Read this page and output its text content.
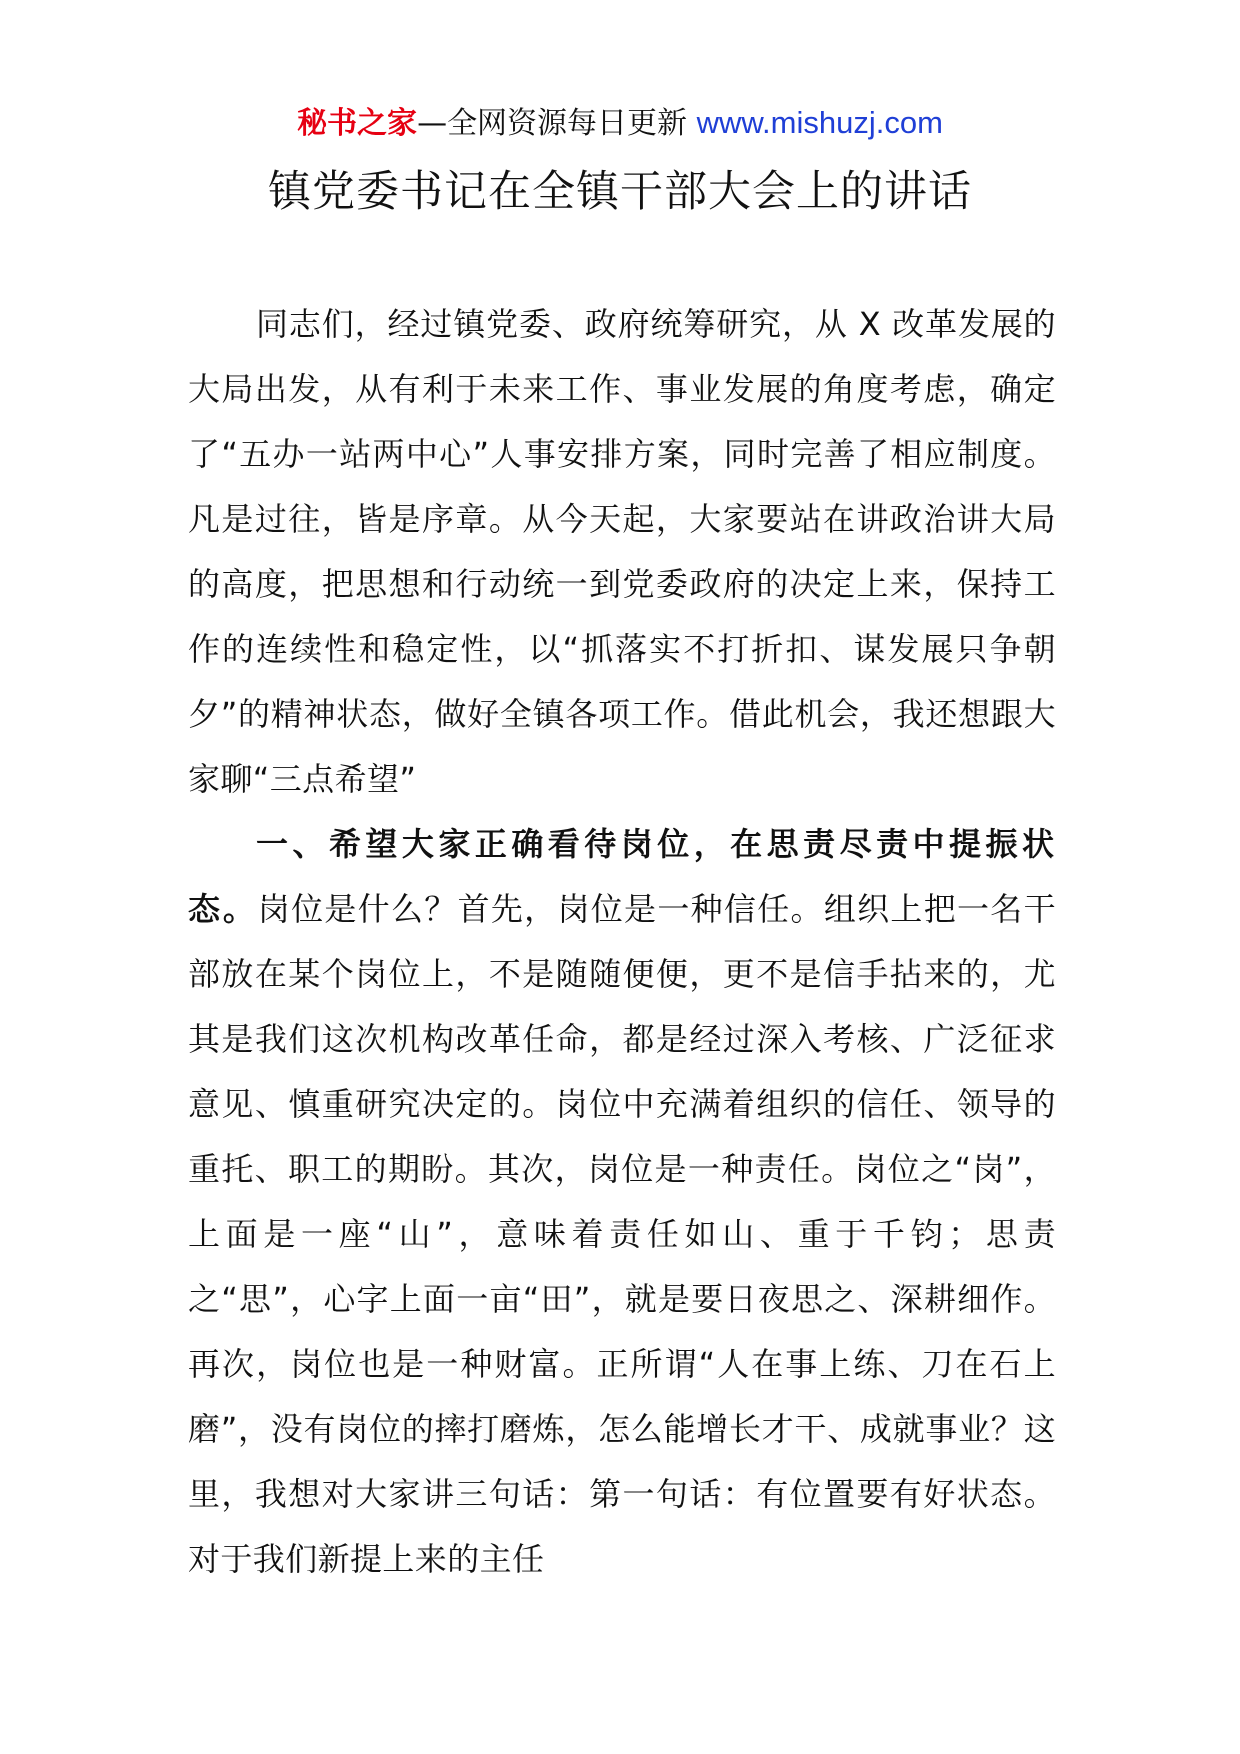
秘书之家—全网资源每日更新 www.mishuzj.com
镇党委书记在全镇干部大会上的讲话

同志们，经过镇党委、政府统筹研究，从 X 改革发展的大局出发，从有利于未来工作、事业发展的角度考虑，确定了“五办一站两中心”人事安排方案，同时完善了相应制度。凡是过往，皆是序章。从今天起，大家要站在讲政治讲大局的高度，把思想和行动统一到党委政府的决定上来，保持工作的连续性和稳定性，以“抓落实不打折扣、谋发展只争朝夕”的精神状态，做好全镇各项工作。借此机会，我还想跟大家聊“三点希望”

一、希望大家正确看待岗位，在思责尽责中提振状态。岗位是什么？首先，岗位是一种信任。组织上把一名干部放在某个岗位上，不是随随便便，更不是信手拈来的，尤其是我们这次机构改革任命，都是经过深入考核、广泛征求意见、慎重研究决定的。岗位中充满着组织的信任、领导的重托、职工的期盼。其次，岗位是一种责任。岗位之“岗”，上面是一座“山”，意味着责任如山、重于千钧；思责之“思”，心字上面一亩“田”，就是要日夜思之、深耕细作。再次，岗位也是一种财富。正所谓“人在事上练、刀在石上磨”，没有岗位的摔打磨炼，怎么能增长才干、成就事业？这里，我想对大家讲三句话：第一句话：有位置要有好状态。对于我们新提上来的主任
